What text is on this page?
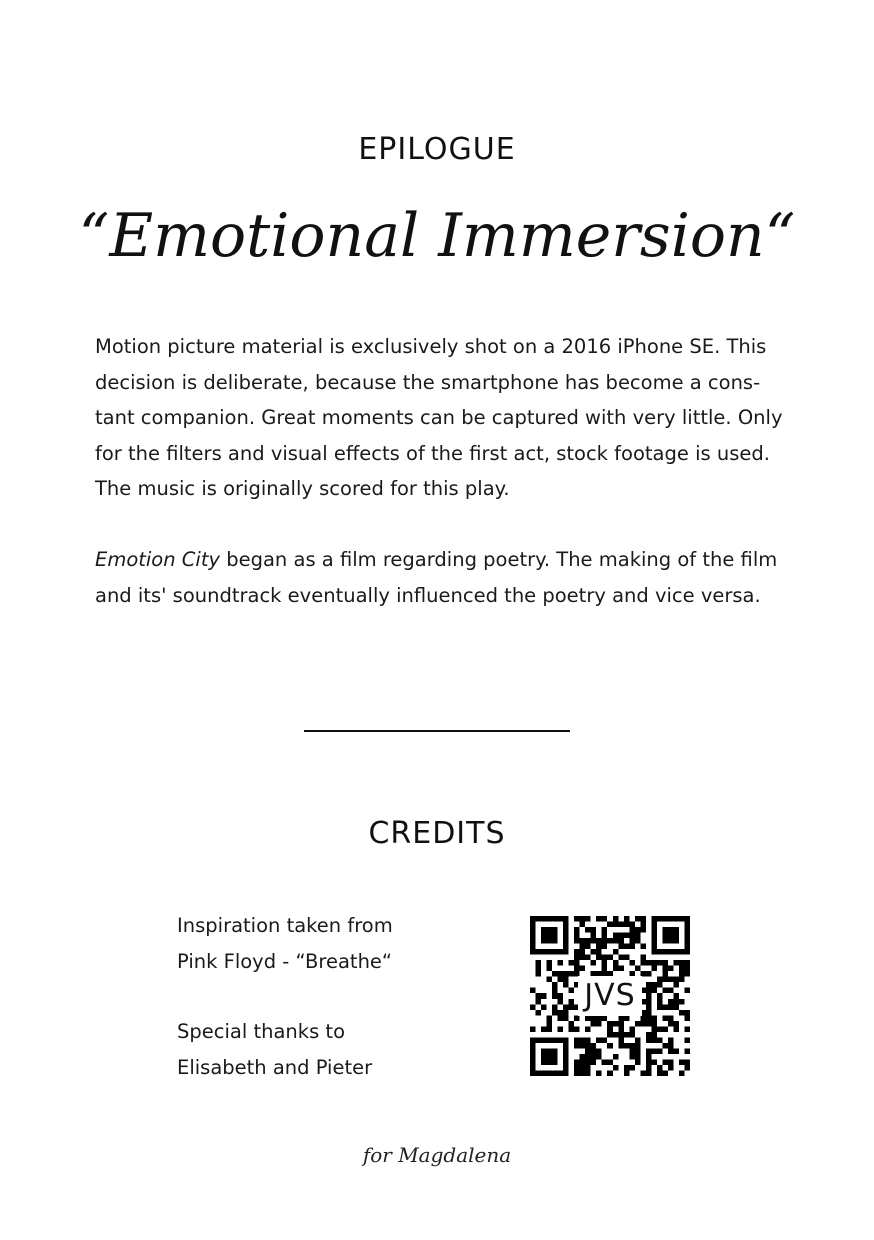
EPILOGUE
“Emotional Immersion“

Motion picture material is exclusively shot on a 2016 iPhone SE. This
decision is deliberate, because the smartphone has become a cons-
tant companion. Great moments can be captured with very little. Only
for the filters and visual effects of the first act, stock footage is used.
The music is originally scored for this play.

Emotion City began as a film regarding poetry. The making of the film
and its' soundtrack eventually influenced the poetry and vice versa.

CREDITS
Inspiration taken from
Pink Floyd - “Breathe“
Special thanks to
Elisabeth and Pieter
JVS
for Magdalena
